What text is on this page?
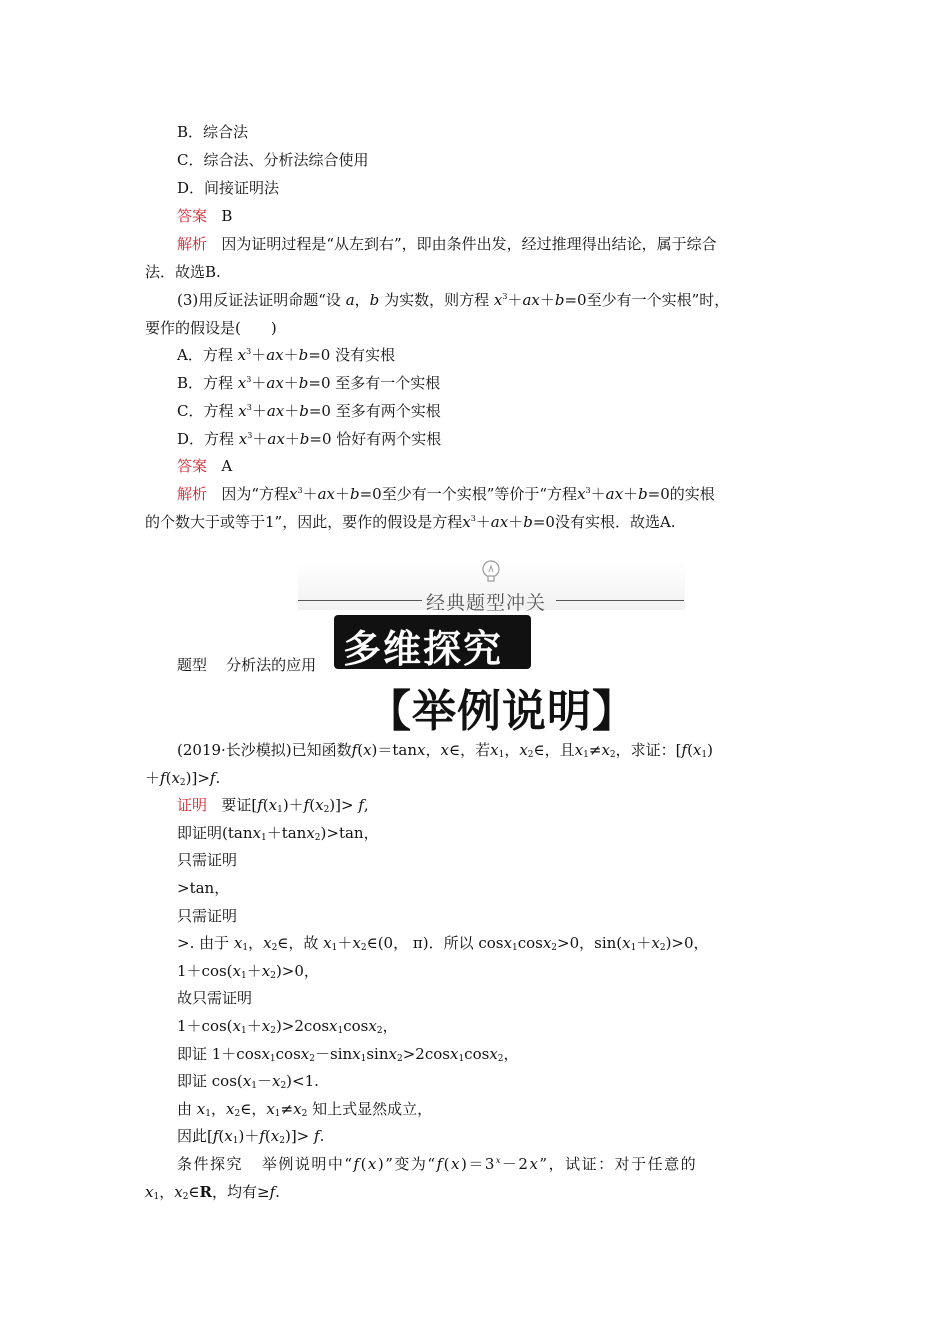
B．综合法
C．综合法、分析法综合使用
D．间接证明法
答案 B
解析 因为证明过程是“从左到右”，即由条件出发，经过推理得出结论，属于综合
法．故选B.
(3)用反证法证明命题“设 a，b 为实数，则方程 $x^3+ax+b=0$至少有一个实根”时，
要作的假设是(　　)
A．方程 $x^3+ax+b=0$ 没有实根
B．方程 $x^3+ax+b=0$ 至多有一个实根
C．方程 $x^3+ax+b=0$ 至多有两个实根
D．方程 $x^3+ax+b=0$ 恰好有两个实根
答案 A
解析 因为“方程$x^3+ax+b=0$至少有一个实根”等价于“方程$x^3+ax+b=0$的实根
的个数大于或等于1”，因此，要作的假设是方程$x^3+ax+b=0$没有实根．故选A.
经典题型冲关
题型 分析法的应用 多维探究
【举例说明】
(2019·长沙模拟)已知函数f(x)＝tanx，x∈，若$x_1$，$x_2\in$，且$x_1\ne x_2$，求证：[$f(x_1)$
$+f(x_2)]>f$.
证明 要证$[f(x_1)+f(x_2)]> f$,
即证明(tanx$_1$＋tanx$_2$)>tan，
只需证明
>tan，
只需证明
>. 由于 $x_1$，$x_2\in$，故 $x_1+x_2\in(0$， π)．所以 cosx$_1$cosx$_2$>0，$\sin(x_1+x_2)>0$，
$1+\cos(x_1+x_2)>0$，
故只需证明
$1+\cos(x_1+x_2)>2\cos x_1\cos x_2$，
即证 1＋cosx$_1$cosx$_2$－sinx$_1$sinx$_2$>2cosx$_1$cosx$_2$，
即证 $\cos(x_1-x_2)<1$.
由 $x_1$，$x_2\in$，$x_1\ne x_2$ 知上式显然成立，
因此$[f(x_1)+f(x_2)]> f$.
条件探究 举例说明中“f(x)”变为“$f(x)=3^x-2x$”，试证：对于任意的
$x_1$，$x_2\in R$，均有≥f.
